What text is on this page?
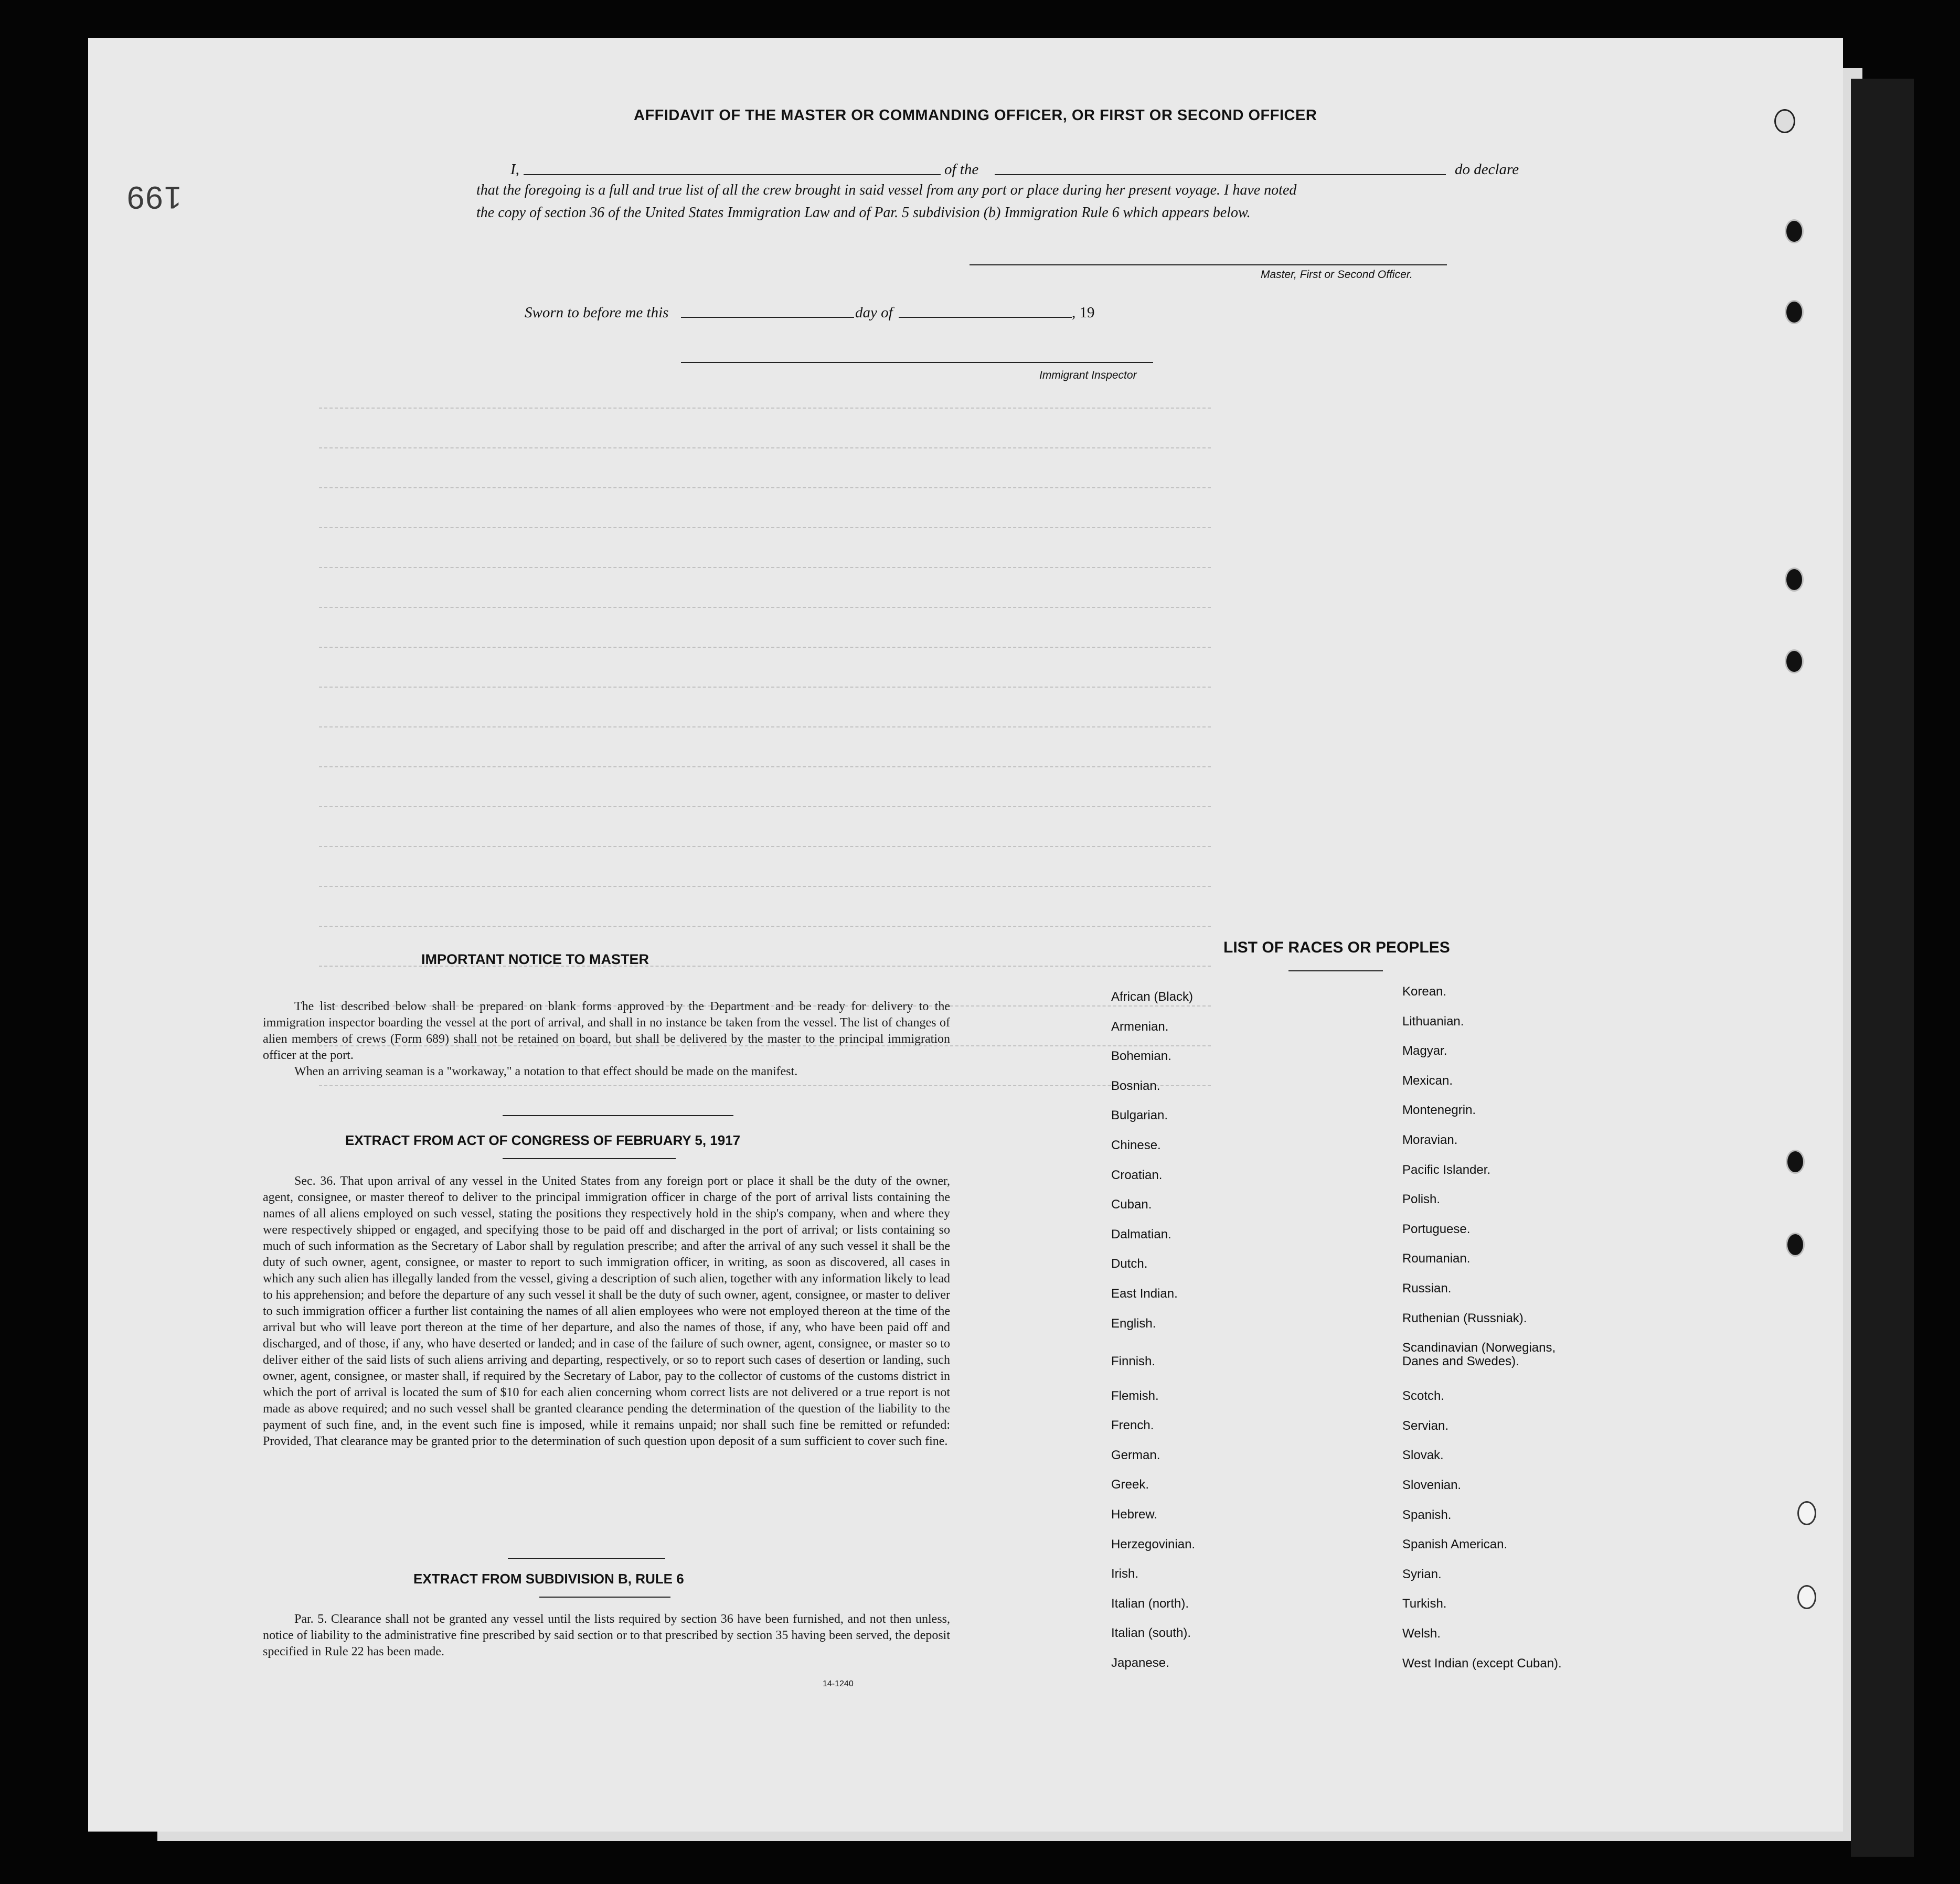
199
AFFIDAVIT OF THE MASTER OR COMMANDING OFFICER, OR FIRST OR SECOND OFFICER
I,	of the	do declare
that the foregoing is a full and true list of all the crew brought in said vessel from any port or place during her present voyage. I have noted
the copy of section 36 of the United States Immigration Law and of Par. 5 subdivision (b) Immigration Rule 6 which appears below.
Master, First or Second Officer.
Sworn to before me this	day of	, 19
Immigrant Inspector
IMPORTANT NOTICE TO MASTER

The list described below shall be prepared on blank forms approved by the Department and be ready for delivery to the immigration inspector boarding the vessel at the port of arrival, and shall in no instance be taken from the vessel. The list of changes of alien members of crews (Form 689) shall not be retained on board, but shall be delivered by the master to the principal immigration officer at the port.

When an arriving seaman is a "workaway," a notation to that effect should be made on the manifest.

EXTRACT FROM ACT OF CONGRESS OF FEBRUARY 5, 1917

Sec. 36. That upon arrival of any vessel in the United States from any foreign port or place it shall be the duty of the owner, agent, consignee, or master thereof to deliver to the principal immigration officer in charge of the port of arrival lists containing the names of all aliens employed on such vessel, stating the positions they respectively hold in the ship's company, when and where they were respectively shipped or engaged, and specifying those to be paid off and discharged in the port of arrival; or lists containing so much of such information as the Secretary of Labor shall by regulation prescribe; and after the arrival of any such vessel it shall be the duty of such owner, agent, consignee, or master to report to such immigration officer, in writing, as soon as discovered, all cases in which any such alien has illegally landed from the vessel, giving a description of such alien, together with any information likely to lead to his apprehension; and before the departure of any such vessel it shall be the duty of such owner, agent, consignee, or master to deliver to such immigration officer a further list containing the names of all alien employees who were not employed thereon at the time of the arrival but who will leave port thereon at the time of her departure, and also the names of those, if any, who have been paid off and discharged, and of those, if any, who have deserted or landed; and in case of the failure of such owner, agent, consignee, or master so to deliver either of the said lists of such aliens arriving and departing, respectively, or so to report such cases of desertion or landing, such owner, agent, consignee, or master shall, if required by the Secretary of Labor, pay to the collector of customs of the customs district in which the port of arrival is located the sum of $10 for each alien concerning whom correct lists are not delivered or a true report is not made as above required; and no such vessel shall be granted clearance pending the determination of the question of the liability to the payment of such fine, and, in the event such fine is imposed, while it remains unpaid; nor shall such fine be remitted or refunded: Provided, That clearance may be granted prior to the determination of such question upon deposit of a sum sufficient to cover such fine.

EXTRACT FROM SUBDIVISION B, RULE 6

Par. 5. Clearance shall not be granted any vessel until the lists required by section 36 have been furnished, and not then unless, notice of liability to the administrative fine prescribed by said section or to that prescribed by section 35 having been served, the deposit specified in Rule 22 has been made.

14-1240
LIST OF RACES OR PEOPLES
African (Black)
Armenian.
Bohemian.
Bosnian.
Bulgarian.
Chinese.
Croatian.
Cuban.
Dalmatian.
Dutch.
East Indian.
English.
Finnish.
Flemish.
French.
German.
Greek.
Hebrew.
Herzegovinian.
Irish.
Italian (north).
Italian (south).
Japanese.
Korean.
Lithuanian.
Magyar.
Mexican.
Montenegrin.
Moravian.
Pacific Islander.
Polish.
Portuguese.
Roumanian.
Russian.
Ruthenian (Russniak).
Scandinavian (Norwegians,
Danes and Swedes).
Scotch.
Servian.
Slovak.
Slovenian.
Spanish.
Spanish American.
Syrian.
Turkish.
Welsh.
West Indian (except Cuban).
